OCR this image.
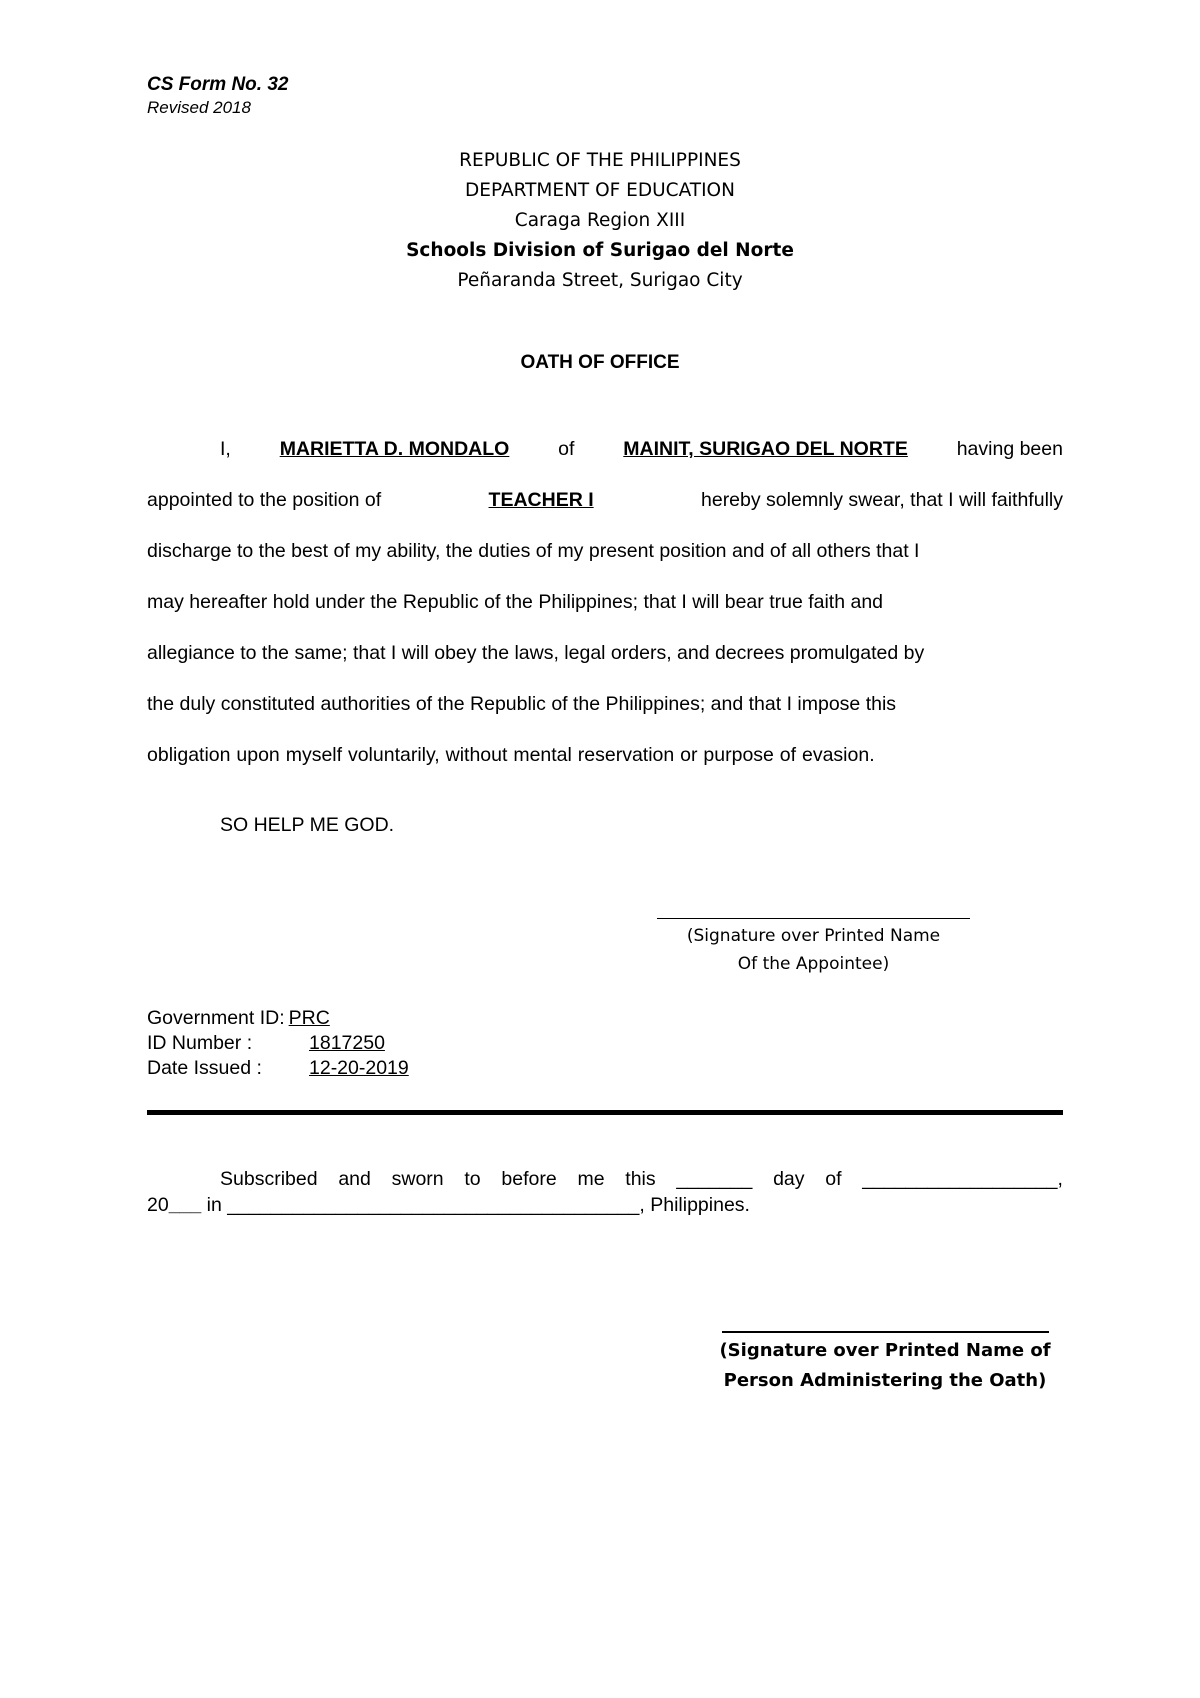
CS Form No. 32
Revised 2018
REPUBLIC OF THE PHILIPPINES
DEPARTMENT OF EDUCATION
Caraga Region XIII
Schools Division of Surigao del Norte
Peñaranda Street, Surigao City
OATH OF OFFICE
I,	MARIETTA D. MONDALO	of	MAINIT, SURIGAO DEL NORTE	having been
appointed to the position of	TEACHER I	hereby solemnly swear, that I will faithfully
discharge to the best of my ability, the duties of my present position and of all others that I
may hereafter hold under the Republic of the Philippines; that I will bear true faith and
allegiance to the same; that I will obey the laws, legal orders, and decrees promulgated by
the duly constituted authorities of the Republic of the Philippines; and that I impose this
obligation upon myself voluntarily, without mental reservation or purpose of evasion.
SO HELP ME GOD.
(Signature over Printed Name
Of the Appointee)
Government ID: PRC
ID Number :	1817250
Date Issued :	12-20-2019
Subscribed and sworn to before me this _______ day of __________________,
20___ in ______________________________________, Philippines.
(Signature over Printed Name of
Person Administering the Oath)
